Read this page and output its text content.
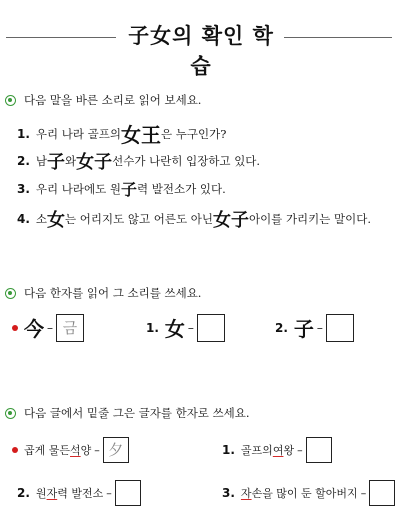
子女의 확인 학습
다음 말을 바른 소리로 읽어 보세요.
1. 우리 나라 골프의 女王 은 누구인가?
2. 남 子 와 女子 선수가 나란히 입장하고 있다.
3. 우리 나라에도 원 子 력 발전소가 있다.
4. 소 女 는 어리지도 않고 어른도 아닌 女子 아이를 가리키는 말이다.
다음 한자를 읽어 그 소리를 쓰세요.
今 – 금	1. 女 –	2. 子 –
다음 글에서 밑줄 그은 글자를 한자로 쓰세요.
곱게 물든 석 양 – 夕	1. 골프의 여 왕 –
2. 원 자 력 발전소 –	3. 자 손을 많이 둔 할아버지 –
